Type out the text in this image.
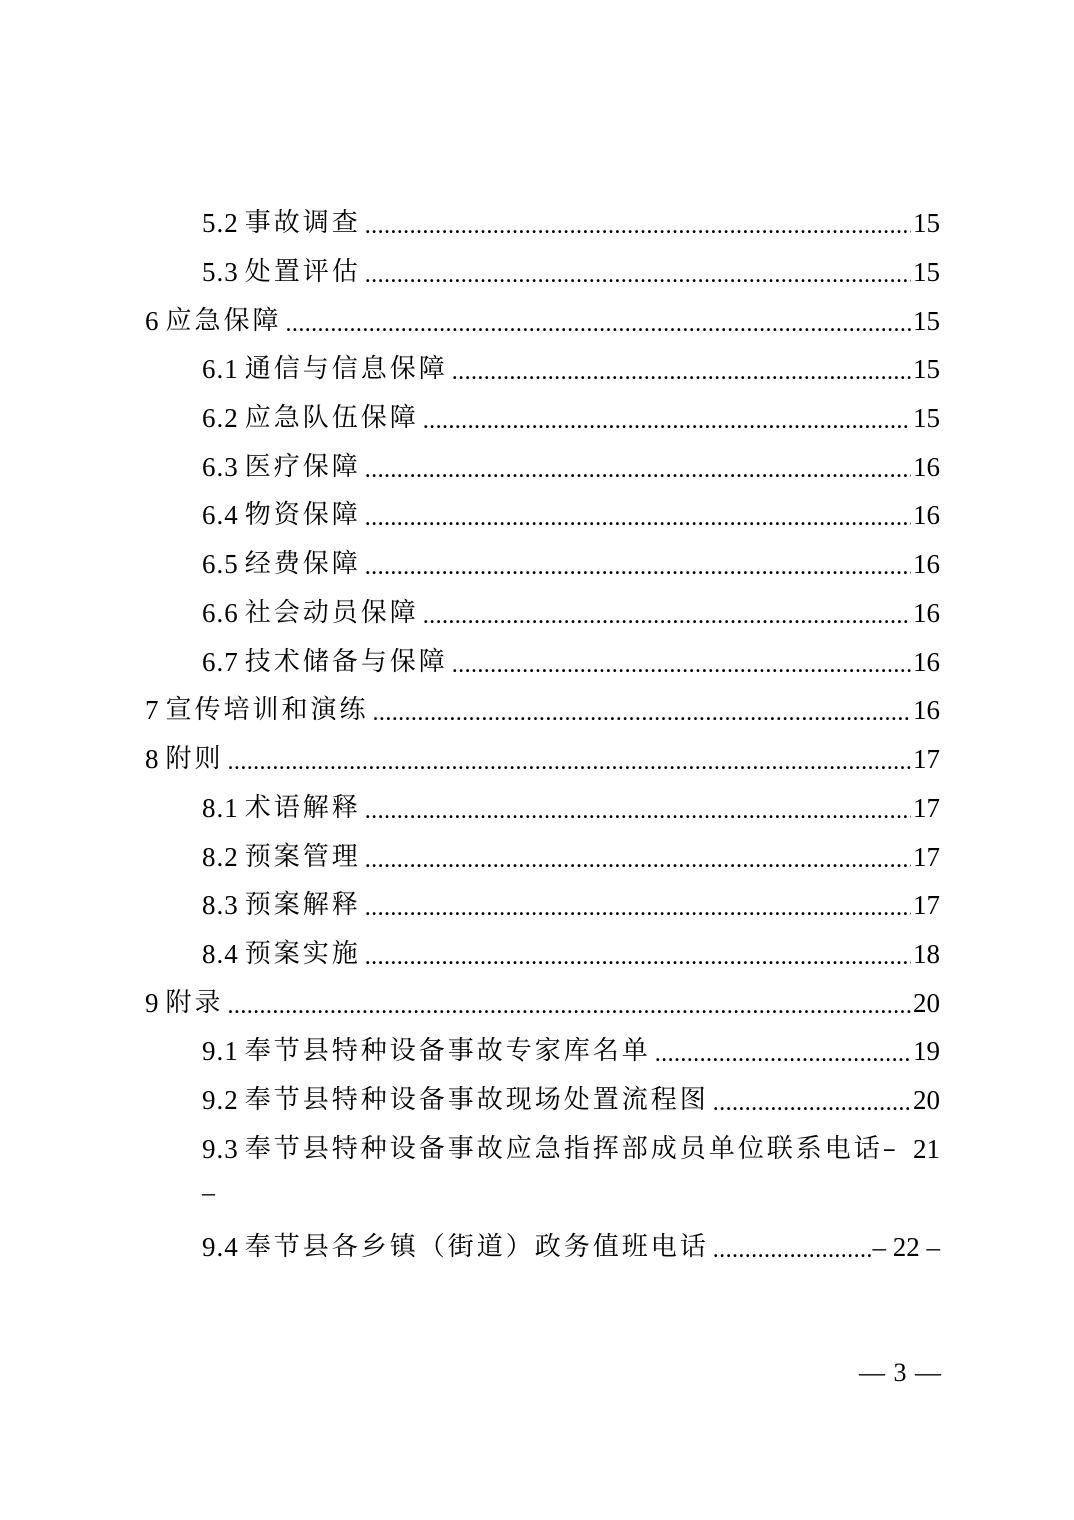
5.2 事故调查 .....	15
5.3 处置评估 .....	15
6 应急保障 .....	15
6.1 通信与信息保障 .....	15
6.2 应急队伍保障 .....	15
6.3 医疗保障 .....	16
6.4 物资保障 .....	16
6.5 经费保障 .....	16
6.6 社会动员保障 .....	16
6.7 技术储备与保障 .....	16
7 宣传培训和演练 .....	16
8 附则 .....	17
8.1 术语解释 .....	17
8.2 预案管理 .....	17
8.3 预案解释 .....	17
8.4 预案实施 .....	18
9 附录 .....	20
9.1 奉节县特种设备事故专家库名单 .....	19
9.2 奉节县特种设备事故现场处置流程图 .....	20
9.3 奉节县特种设备事故应急指挥部成员单位联系电话– 21
–
9.4 奉节县各乡镇（街道）政务值班电话 .....	– 22 –
— 3 —
